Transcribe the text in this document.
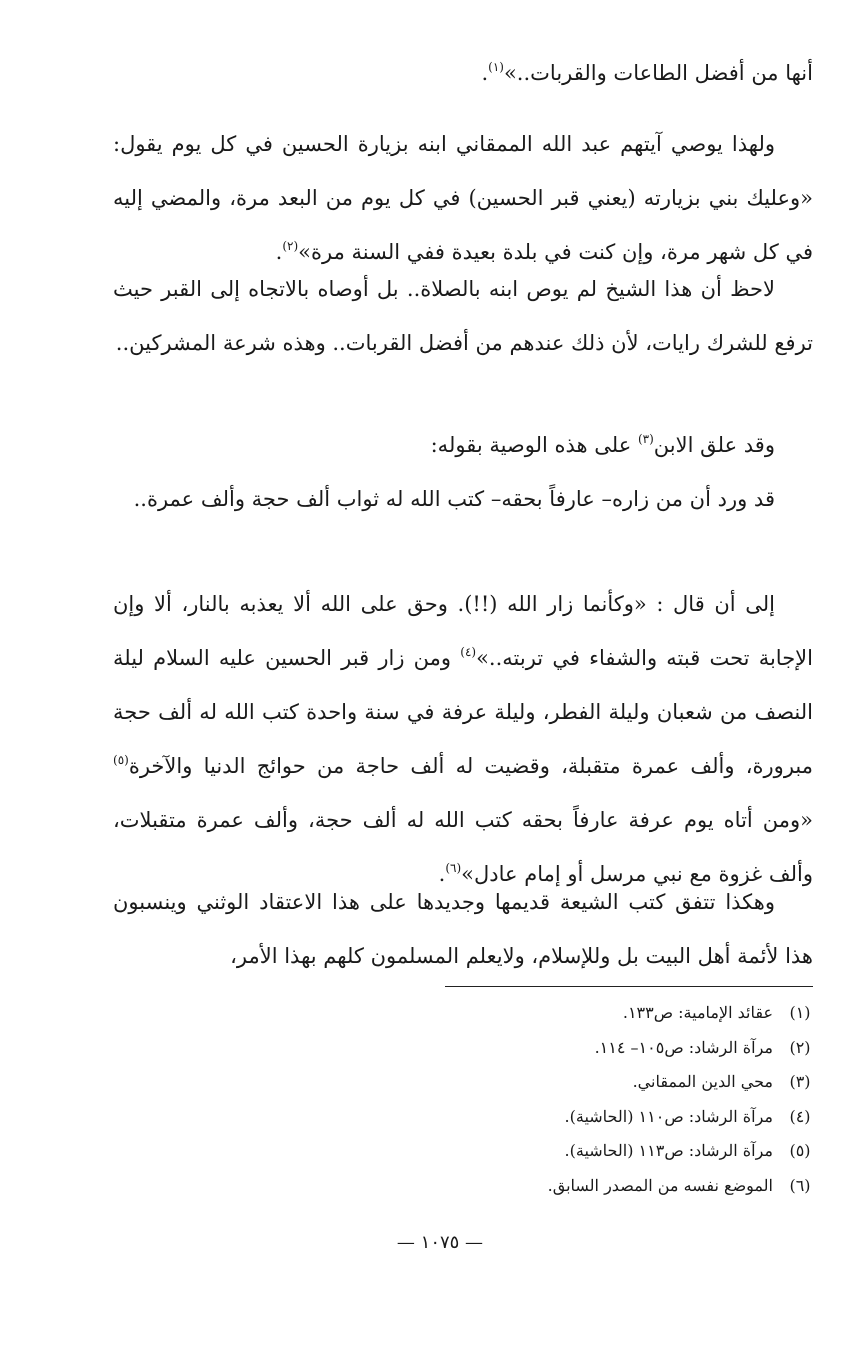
أنها من أفضل الطاعات والقربات..»$^{(١)}$.

ولهذا يوصي آيتهم عبد الله الممقاني ابنه بزيارة الحسين في كل يوم يقول: «وعليك بني بزيارته (يعني قبر الحسين) في كل يوم من البعد مرة، والمضي إليه في كل شهر مرة، وإن كنت في بلدة بعيدة ففي السنة مرة»$^{(٢)}$.

لاحظ أن هذا الشيخ لم يوص ابنه بالصلاة.. بل أوصاه بالاتجاه إلى القبر حيث ترفع للشرك رايات، لأن ذلك عندهم من أفضل القربات.. وهذه شرعة المشركين..

وقد علق الابن$^{(٣)}$ على هذه الوصية بقوله:

قد ورد أن من زاره– عارفاً بحقه– كتب الله له ثواب ألف حجة وألف عمرة..

إلى أن قال : «وكأنما زار الله (!!). وحق على الله ألا يعذبه بالنار، ألا وإن الإجابة تحت قبته والشفاء في تربته..»$^{(٤)}$ ومن زار قبر الحسين عليه السلام ليلة النصف من شعبان وليلة الفطر، وليلة عرفة في سنة واحدة كتب الله له ألف حجة مبرورة، وألف عمرة متقبلة، وقضيت له ألف حاجة من حوائج الدنيا والآخرة$^{(٥)}$ «ومن أتاه يوم عرفة عارفاً بحقه كتب الله له ألف حجة، وألف عمرة متقبلات، وألف غزوة مع نبي مرسل أو إمام عادل»$^{(٦)}$.

وهكذا تتفق كتب الشيعة قديمها وجديدها على هذا الاعتقاد الوثني وينسبون هذا لأئمة أهل البيت بل وللإسلام، ولايعلم المسلمون كلهم بهذا الأمر،

(١)
عقائد الإمامية: ص١٣٣.
(٢)
مرآة الرشاد: ص١٠٥– ١١٤.
(٣)
محي الدين الممقاني.
(٤)
مرآة الرشاد: ص١١٠ (الحاشية).
(٥)
مرآة الرشاد: ص١١٣ (الحاشية).
(٦)
الموضع نفسه من المصدر السابق.
— ١٠٧٥ —
